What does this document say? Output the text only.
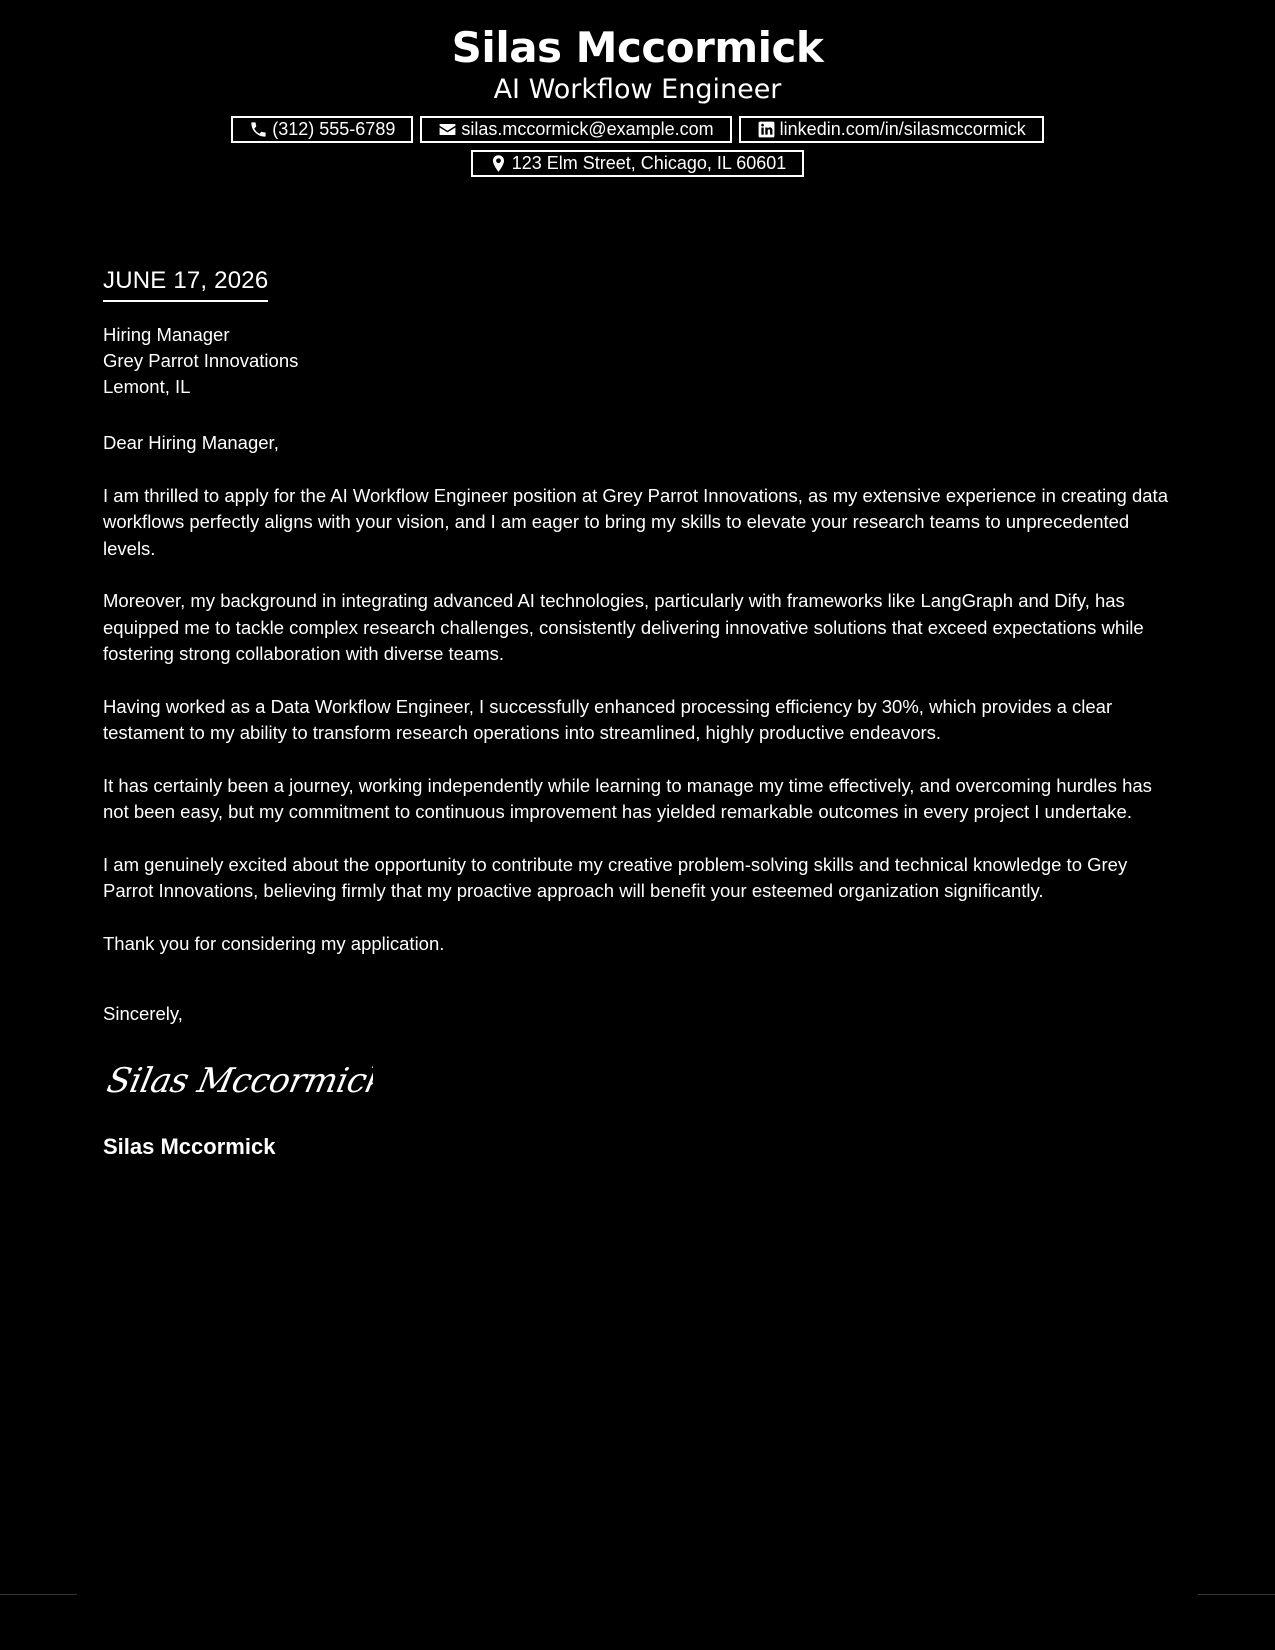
Silas Mccormick
AI Workflow Engineer
(312) 555-6789	silas.mccormick@example.com	linkedin.com/in/silasmccormick
123 Elm Street, Chicago, IL 60601
JUNE 17, 2026
Hiring Manager
Grey Parrot Innovations
Lemont, IL
Dear Hiring Manager,
I am thrilled to apply for the AI Workflow Engineer position at Grey Parrot Innovations, as my extensive experience in creating data workflows perfectly aligns with your vision, and I am eager to bring my skills to elevate your research teams to unprecedented levels.
Moreover, my background in integrating advanced AI technologies, particularly with frameworks like LangGraph and Dify, has equipped me to tackle complex research challenges, consistently delivering innovative solutions that exceed expectations while fostering strong collaboration with diverse teams.
Having worked as a Data Workflow Engineer, I successfully enhanced processing efficiency by 30%, which provides a clear testament to my ability to transform research operations into streamlined, highly productive endeavors.
It has certainly been a journey, working independently while learning to manage my time effectively, and overcoming hurdles has not been easy, but my commitment to continuous improvement has yielded remarkable outcomes in every project I undertake.
I am genuinely excited about the opportunity to contribute my creative problem-solving skills and technical knowledge to Grey Parrot Innovations, believing firmly that my proactive approach will benefit your esteemed organization significantly.
Thank you for considering my application.
Sincerely,
Silas Mccormick
Silas Mccormick
